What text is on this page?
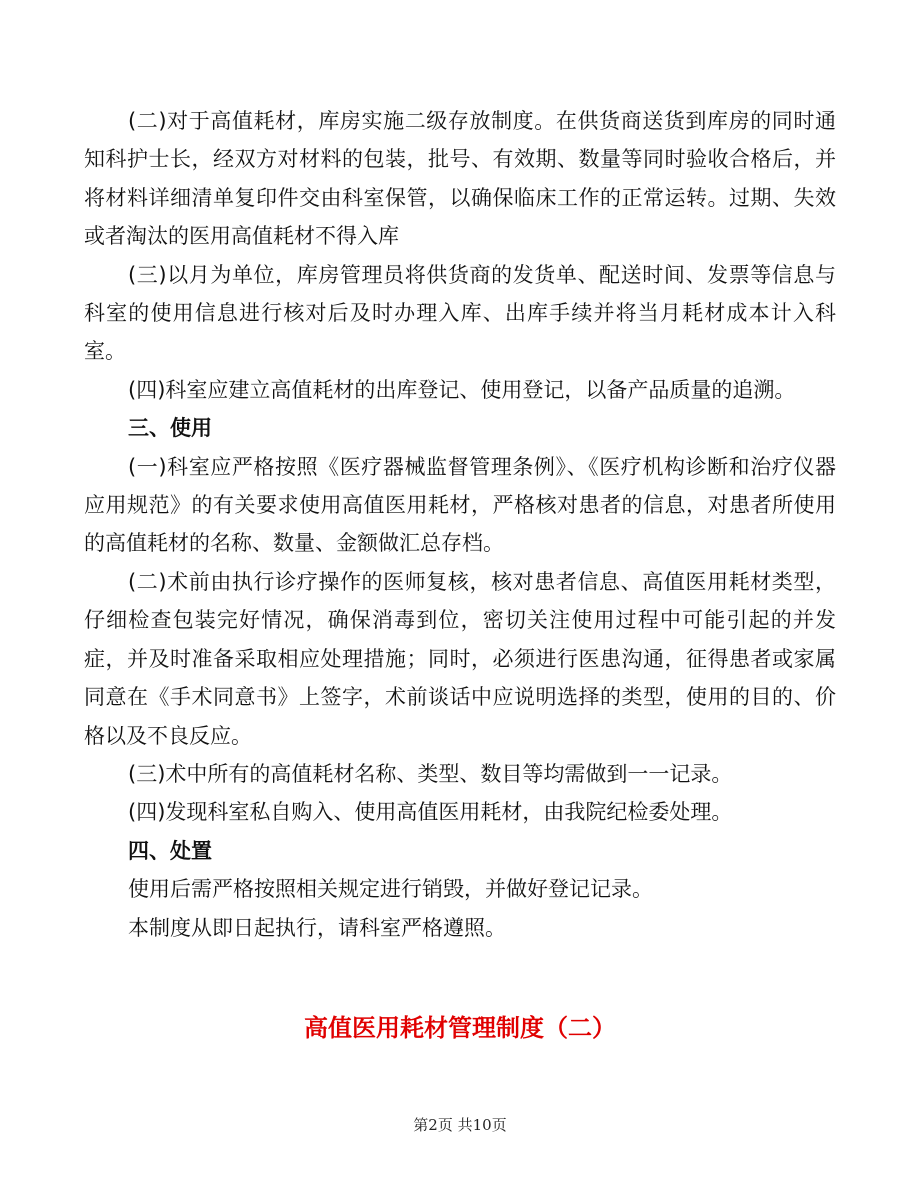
(二)对于高值耗材，库房实施二级存放制度。在供货商送货到库房的同时通知科护士长，经双方对材料的包装，批号、有效期、数量等同时验收合格后，并将材料详细清单复印件交由科室保管，以确保临床工作的正常运转。过期、失效或者淘汰的医用高值耗材不得入库

(三)以月为单位，库房管理员将供货商的发货单、配送时间、发票等信息与科室的使用信息进行核对后及时办理入库、出库手续并将当月耗材成本计入科室。

(四)科室应建立高值耗材的出库登记、使用登记，以备产品质量的追溯。

三、使用

(一)科室应严格按照《医疗器械监督管理条例》、《医疗机构诊断和治疗仪器应用规范》的有关要求使用高值医用耗材，严格核对患者的信息，对患者所使用的高值耗材的名称、数量、金额做汇总存档。

(二)术前由执行诊疗操作的医师复核，核对患者信息、高值医用耗材类型，仔细检查包装完好情况，确保消毒到位，密切关注使用过程中可能引起的并发症，并及时准备采取相应处理措施；同时，必须进行医患沟通，征得患者或家属同意在《手术同意书》上签字，术前谈话中应说明选择的类型，使用的目的、价格以及不良反应。

(三)术中所有的高值耗材名称、类型、数目等均需做到一一记录。

(四)发现科室私自购入、使用高值医用耗材，由我院纪检委处理。

四、处置

使用后需严格按照相关规定进行销毁，并做好登记记录。

本制度从即日起执行，请科室严格遵照。

高值医用耗材管理制度（二）
第2页 共10页
